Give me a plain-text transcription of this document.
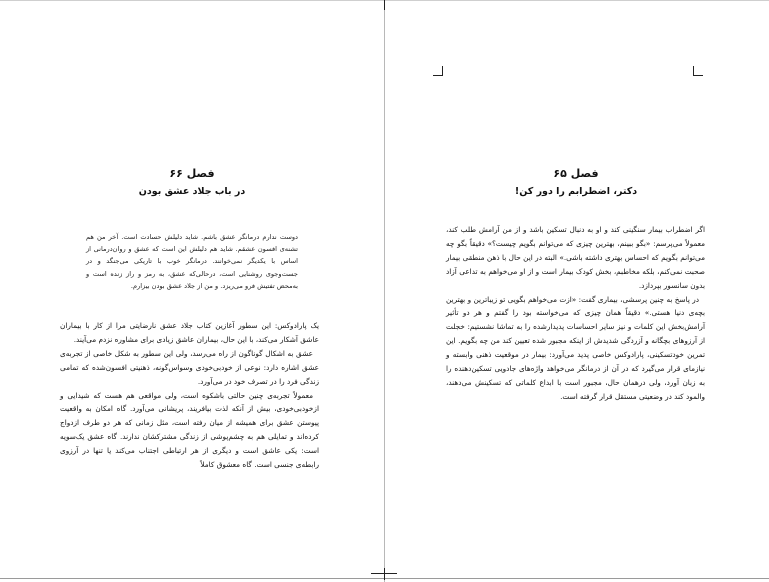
فصل ۶۶
در باب جلاد عشق بودن
دوست ندارم درمانگر عشق باشم. شاید دلیلش حسادت است. آخر من هم تشنه‌ی افسون عشقم. شاید هم دلیلش این است که عشق و روان‌درمانی از اساس با یکدیگر نمی‌خوانند. درمانگر خوب با تاریکی می‌جنگد و در جست‌وجوی روشنایی است، درحالی‌که عشق، به رمز و راز زنده است و به‌محض تفتیش فرو می‌ریزد. و من از جلاد عشق بودن بیزارم.

یک پارادوکس: این سطور آغازین کتاب جلاد عشق نارضایتی مرا از کار با بیماران عاشق آشکار می‌کند، با این حال، بیماران عاشق زیادی برای مشاوره نزدم می‌آیند.

عشق به اشکال گوناگون از راه می‌رسد، ولی این سطور به شکل خاصی از تجربه‌ی عشق اشاره دارد: نوعی از خودبی‌خودی وسواس‌گونه، ذهنیتی افسون‌شده که تمامی زندگی فرد را در تصرف خود در می‌آورد.

معمولاً تجربه‌ی چنین حالتی باشکوه است، ولی مواقعی هم هست که شیدایی و ازخودبی‌خودی، بیش از آنکه لذت بیافریند، پریشانی می‌آورد. گاه امکان به واقعیت پیوستن عشق برای همیشه از میان رفته است، مثل زمانی که هر دو طرف ازدواج کرده‌اند و تمایلی هم به چشم‌پوشی از زندگی مشترکشان ندارند. گاه عشق یک‌سویه است: یکی عاشق است و دیگری از هر ارتباطی اجتناب می‌کند یا تنها در آرزوی رابطه‌ی جنسی است. گاه معشوق کاملاً

فصل ۶۵
دکتر، اضطرابم را دور کن!

اگر اضطراب بیمار سنگینی کند و او به دنبال تسکین باشد و از من آرامش طلب کند، معمولاً می‌پرسم: «بگو ببینم، بهترین چیزی که می‌توانم بگویم چیست؟» دقیقاً بگو چه می‌توانم بگویم که احساس بهتری داشته باشی.» البته در این حال با ذهن منطقی بیمار صحبت نمی‌کنم، بلکه مخاطبم، بخش کودک بیمار است و از او می‌خواهم به تداعی آزاد بدون سانسور بپردازد.

در پاسخ به چنین پرسشی، بیماری گفت: «ازت می‌خواهم بگویی تو زیباترین و بهترین بچه‌ی دنیا هستی.» دقیقاً همان چیزی که می‌خواسته بود را گفتم و هر دو تأثیر آرامش‌بخش این کلمات و نیز سایر احساسات پدیدارشده را به تماشا نشستیم: خجلت از آرزوهای بچگانه و آزردگی شدیدش از اینکه مجبور شده تعیین کند من چه بگویم. این تمرین خودتسکینی، پارادوکس خاصی پدید می‌آورد: بیمار در موقعیت ذهنی وابسته و نیازمای قرار می‌گیرد که در آن از درمانگر می‌خواهد واژه‌های جادویی تسکین‌دهنده را به زبان آورد، ولی درهمان حال، مجبور است با ابداع کلماتی که تسکینش می‌دهند، والمود کند در وضعیتی مستقل قرار گرفته است.
